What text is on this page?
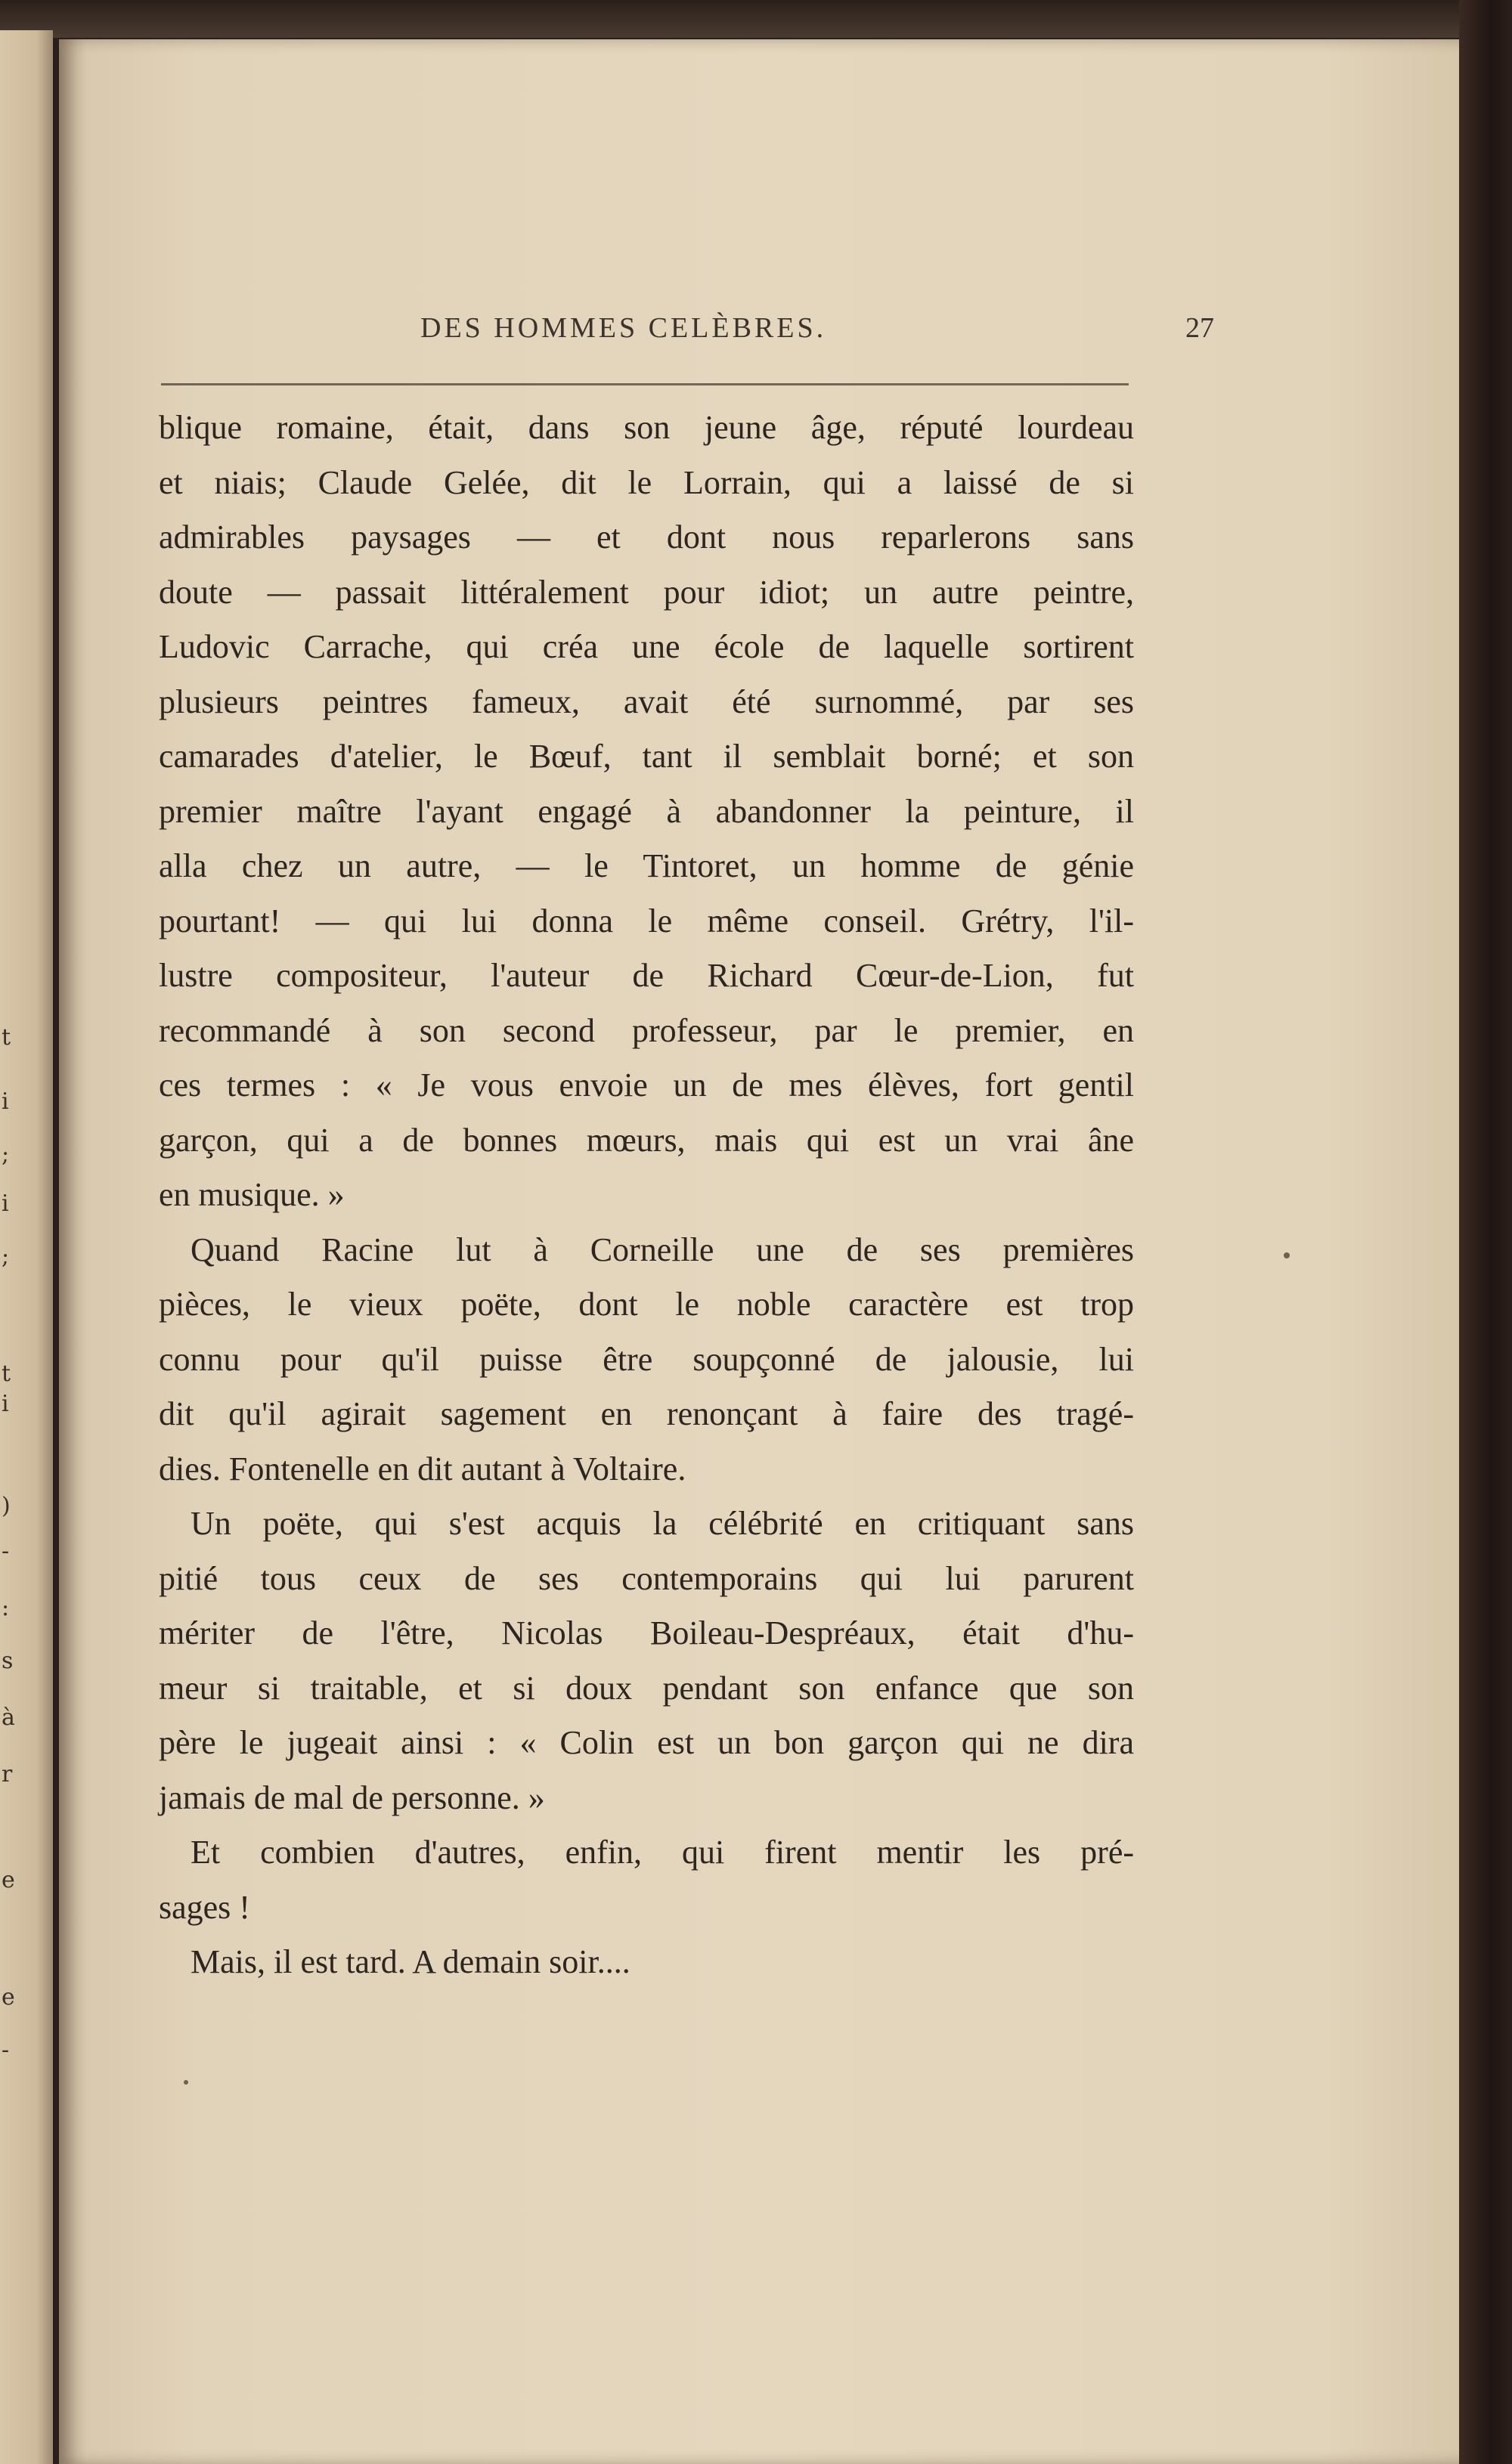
t
i
;
i
;
t
i
)
-
:
s
à
r
e
e
-
DES HOMMES CELÈBRES.	27
blique romaine, était, dans son jeune âge, réputé lourdeau
et niais; Claude Gelée, dit le Lorrain, qui a laissé de si
admirables paysages — et dont nous reparlerons sans
doute — passait littéralement pour idiot; un autre peintre,
Ludovic Carrache, qui créa une école de laquelle sortirent
plusieurs peintres fameux, avait été surnommé, par ses
camarades d'atelier, le Bœuf, tant il semblait borné; et son
premier maître l'ayant engagé à abandonner la peinture, il
alla chez un autre, — le Tintoret, un homme de génie
pourtant! — qui lui donna le même conseil. Grétry, l'il-
lustre compositeur, l'auteur de Richard Cœur-de-Lion, fut
recommandé à son second professeur, par le premier, en
ces termes : « Je vous envoie un de mes élèves, fort gentil
garçon, qui a de bonnes mœurs, mais qui est un vrai âne
en musique. »
Quand Racine lut à Corneille une de ses premières
pièces, le vieux poëte, dont le noble caractère est trop
connu pour qu'il puisse être soupçonné de jalousie, lui
dit qu'il agirait sagement en renonçant à faire des tragé-
dies. Fontenelle en dit autant à Voltaire.
Un poëte, qui s'est acquis la célébrité en critiquant sans
pitié tous ceux de ses contemporains qui lui parurent
mériter de l'être, Nicolas Boileau-Despréaux, était d'hu-
meur si traitable, et si doux pendant son enfance que son
père le jugeait ainsi : « Colin est un bon garçon qui ne dira
jamais de mal de personne. »
Et combien d'autres, enfin, qui firent mentir les pré-
sages !
Mais, il est tard. A demain soir....
